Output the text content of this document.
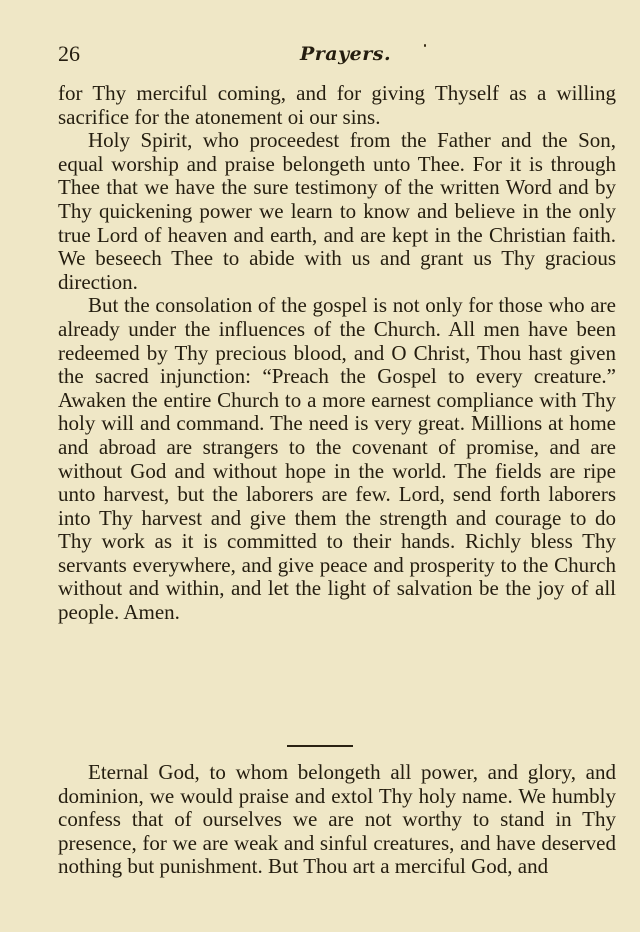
26	Prayers.

for Thy merciful coming, and for giving Thyself as a willing sacrifice for the atonement oi our sins.

Holy Spirit, who proceedest from the Father and the Son, equal worship and praise belongeth unto Thee. For it is through Thee that we have the sure testimony of the written Word and by Thy quickening power we learn to know and believe in the only true Lord of heaven and earth, and are kept in the Christian faith. We beseech Thee to abide with us and grant us Thy gracious direction.

But the consolation of the gospel is not only for those who are already under the influences of the Church. All men have been redeemed by Thy precious blood, and O Christ, Thou hast given the sacred injunction: “Preach the Gospel to every creature.” Awaken the entire Church to a more earnest compliance with Thy holy will and command. The need is very great. Millions at home and abroad are strangers to the covenant of promise, and are without God and without hope in the world. The fields are ripe unto harvest, but the laborers are few. Lord, send forth laborers into Thy harvest and give them the strength and courage to do Thy work as it is committed to their hands. Richly bless Thy servants everywhere, and give peace and prosperity to the Church without and within, and let the light of salvation be the joy of all people. Amen.

Eternal God, to whom belongeth all power, and glory, and dominion, we would praise and extol Thy holy name. We humbly confess that of ourselves we are not worthy to stand in Thy presence, for we are weak and sinful creatures, and have deserved nothing but punishment. But Thou art a merciful God, and
